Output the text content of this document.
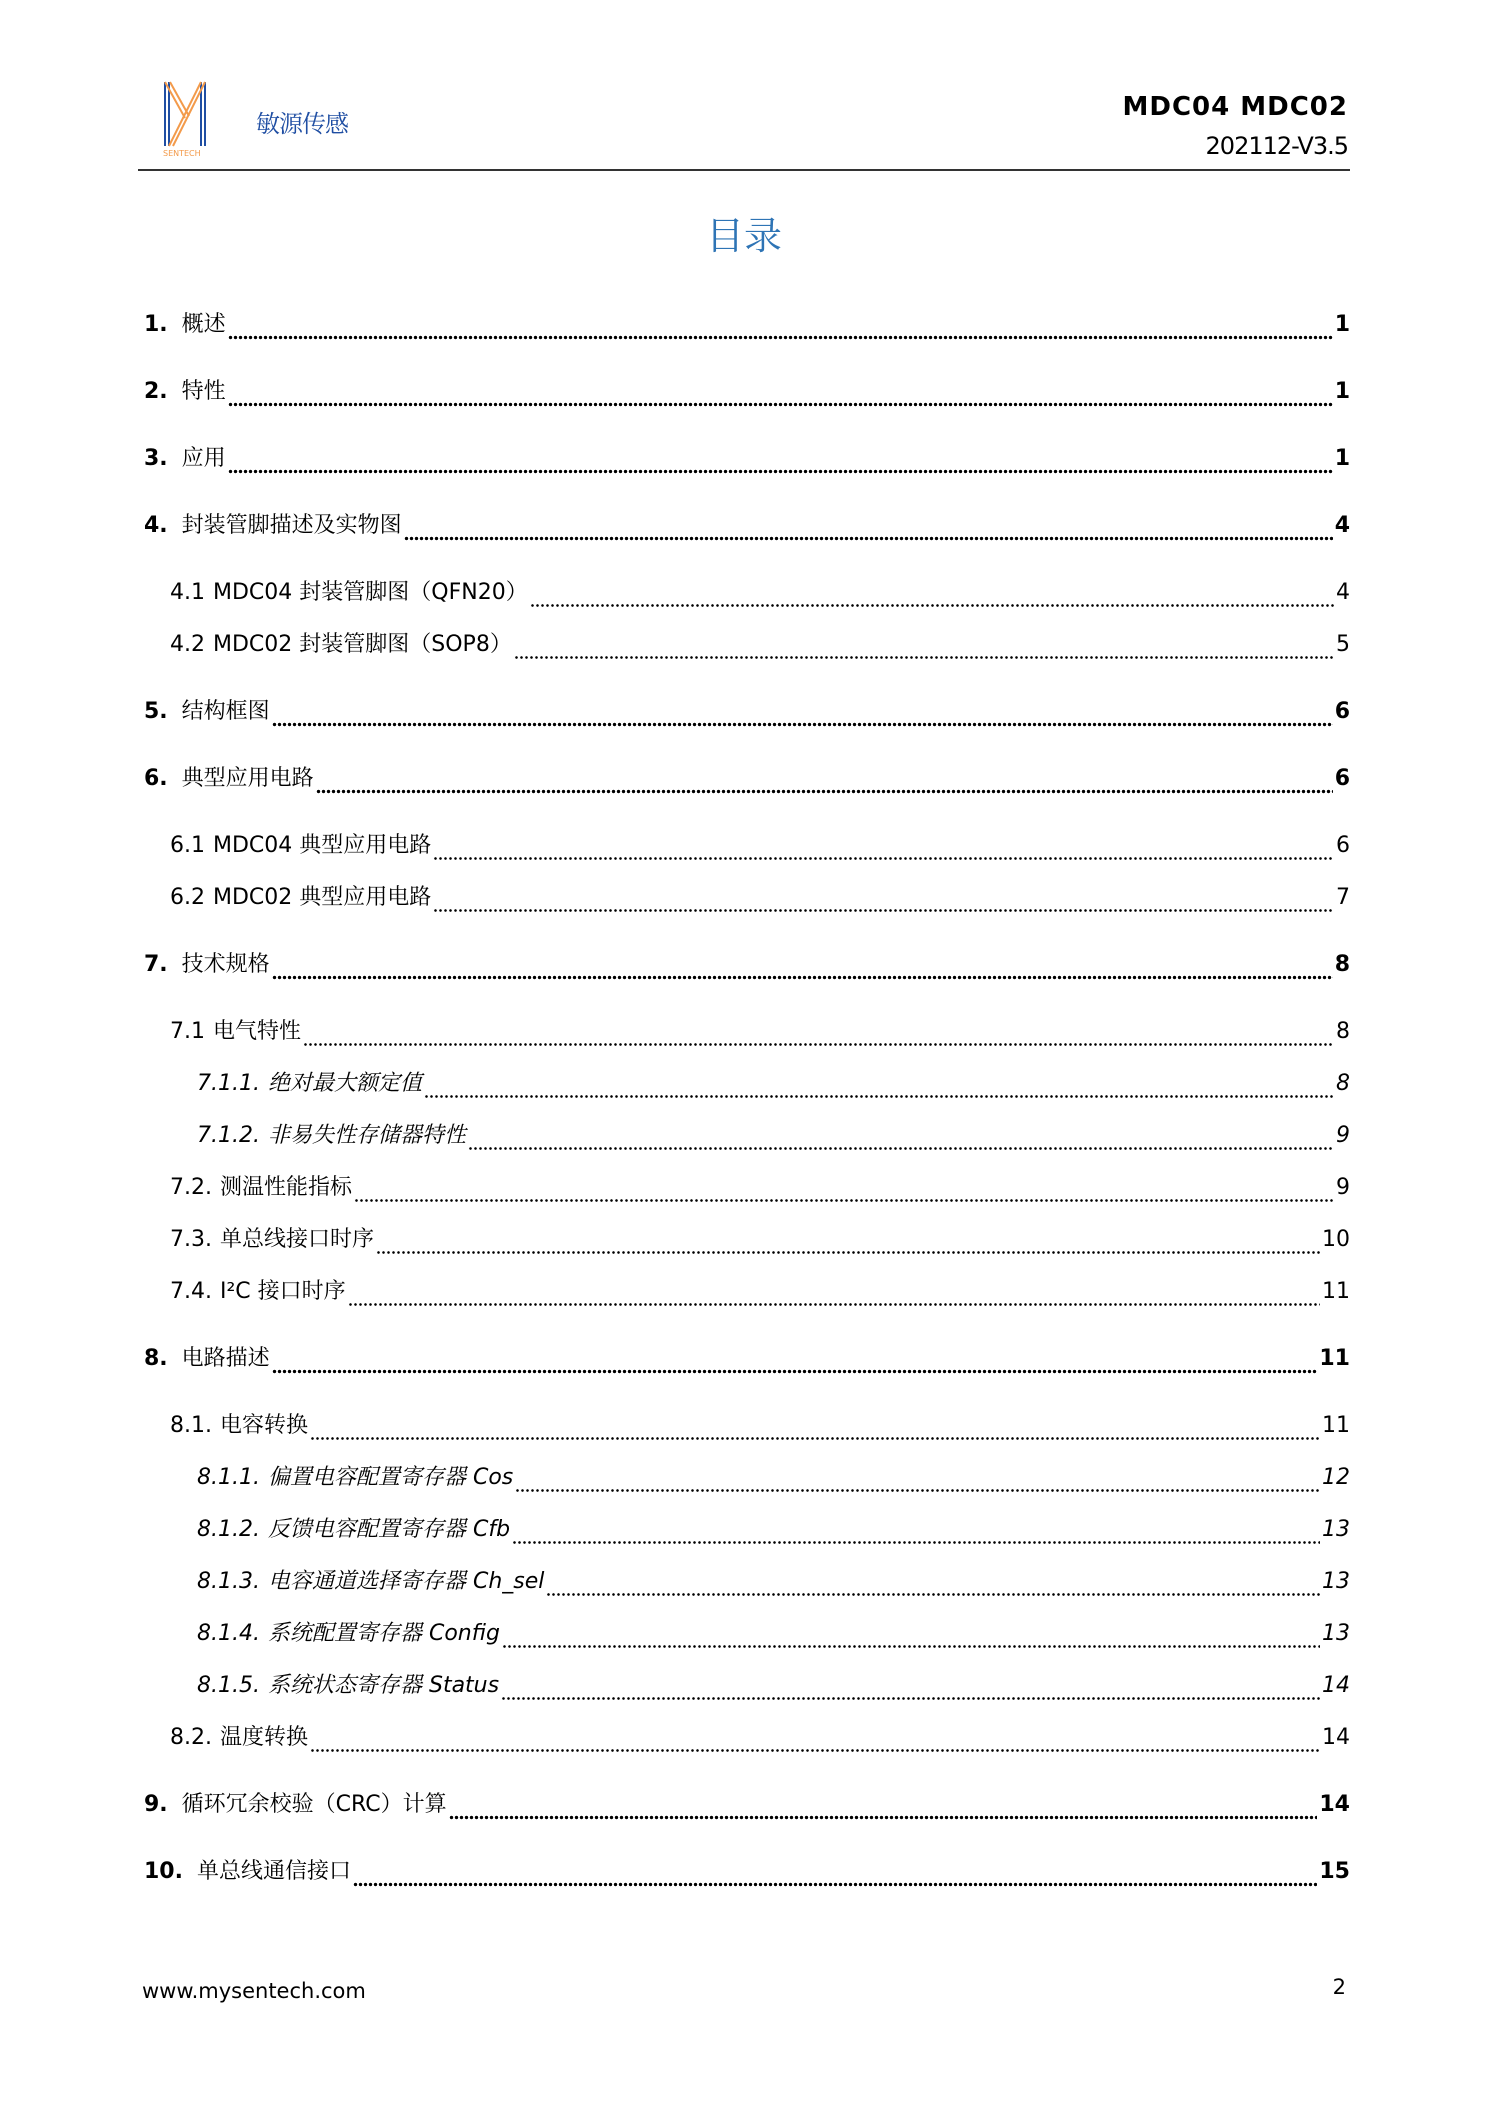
SENTECH
敏源传感
MDC04 MDC02
202112-V3.5
目录
1. 概述	1
2. 特性	1
3. 应用	1
4. 封装管脚描述及实物图	4
4.1 MDC04 封装管脚图（QFN20）	4
4.2 MDC02 封装管脚图（SOP8）	5
5. 结构框图	6
6. 典型应用电路	6
6.1 MDC04 典型应用电路	6
6.2 MDC02 典型应用电路	7
7. 技术规格	8
7.1 电气特性	8
7.1.1. 绝对最大额定值	8
7.1.2. 非易失性存储器特性	9
7.2. 测温性能指标	9
7.3. 单总线接口时序	10
7.4. I²C 接口时序	11
8. 电路描述	11
8.1. 电容转换	11
8.1.1. 偏置电容配置寄存器 Cos	12
8.1.2. 反馈电容配置寄存器 Cfb	13
8.1.3. 电容通道选择寄存器 Ch_sel	13
8.1.4. 系统配置寄存器 Config	13
8.1.5. 系统状态寄存器 Status	14
8.2. 温度转换	14
9. 循环冗余校验（CRC）计算	14
10. 单总线通信接口	15
www.mysentech.com	2
